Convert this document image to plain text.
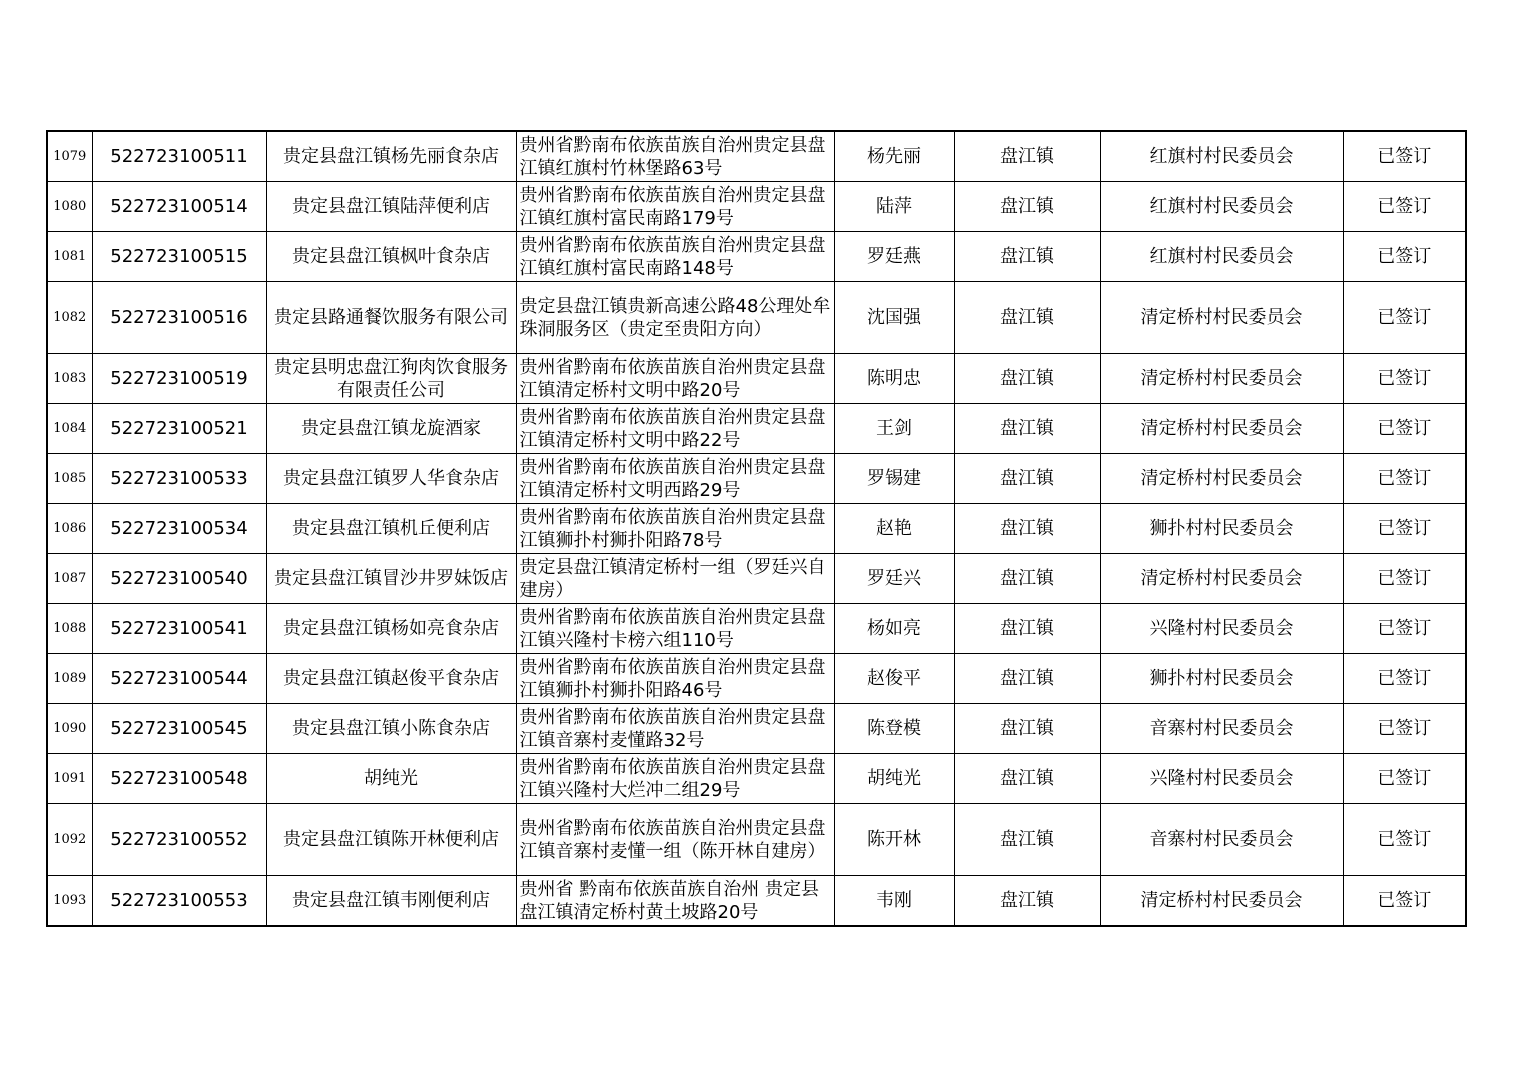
1079	522723100511	贵定县盘江镇杨先丽食杂店	贵州省黔南布依族苗族自治州贵定县盘江镇红旗村竹林堡路63号	杨先丽	盘江镇	红旗村村民委员会	已签订
1080	522723100514	贵定县盘江镇陆萍便利店	贵州省黔南布依族苗族自治州贵定县盘江镇红旗村富民南路179号	陆萍	盘江镇	红旗村村民委员会	已签订
1081	522723100515	贵定县盘江镇枫叶食杂店	贵州省黔南布依族苗族自治州贵定县盘江镇红旗村富民南路148号	罗廷燕	盘江镇	红旗村村民委员会	已签订
1082	522723100516	贵定县路通餐饮服务有限公司	贵定县盘江镇贵新高速公路48公理处牟珠洞服务区（贵定至贵阳方向）	沈国强	盘江镇	清定桥村村民委员会	已签订
1083	522723100519	贵定县明忠盘江狗肉饮食服务有限责任公司	贵州省黔南布依族苗族自治州贵定县盘江镇清定桥村文明中路20号	陈明忠	盘江镇	清定桥村村民委员会	已签订
1084	522723100521	贵定县盘江镇龙旋酒家	贵州省黔南布依族苗族自治州贵定县盘江镇清定桥村文明中路22号	王剑	盘江镇	清定桥村村民委员会	已签订
1085	522723100533	贵定县盘江镇罗人华食杂店	贵州省黔南布依族苗族自治州贵定县盘江镇清定桥村文明西路29号	罗锡建	盘江镇	清定桥村村民委员会	已签订
1086	522723100534	贵定县盘江镇机丘便利店	贵州省黔南布依族苗族自治州贵定县盘江镇狮扑村狮扑阳路78号	赵艳	盘江镇	狮扑村村民委员会	已签订
1087	522723100540	贵定县盘江镇冒沙井罗妹饭店	贵定县盘江镇清定桥村一组（罗廷兴自建房）	罗廷兴	盘江镇	清定桥村村民委员会	已签订
1088	522723100541	贵定县盘江镇杨如亮食杂店	贵州省黔南布依族苗族自治州贵定县盘江镇兴隆村卡榜六组110号	杨如亮	盘江镇	兴隆村村民委员会	已签订
1089	522723100544	贵定县盘江镇赵俊平食杂店	贵州省黔南布依族苗族自治州贵定县盘江镇狮扑村狮扑阳路46号	赵俊平	盘江镇	狮扑村村民委员会	已签订
1090	522723100545	贵定县盘江镇小陈食杂店	贵州省黔南布依族苗族自治州贵定县盘江镇音寨村麦懂路32号	陈登模	盘江镇	音寨村村民委员会	已签订
1091	522723100548	胡纯光	贵州省黔南布依族苗族自治州贵定县盘江镇兴隆村大烂冲二组29号	胡纯光	盘江镇	兴隆村村民委员会	已签订
1092	522723100552	贵定县盘江镇陈开林便利店	贵州省黔南布依族苗族自治州贵定县盘江镇音寨村麦懂一组（陈开林自建房）	陈开林	盘江镇	音寨村村民委员会	已签订
1093	522723100553	贵定县盘江镇韦刚便利店	贵州省 黔南布依族苗族自治州 贵定县盘江镇清定桥村黄土坡路20号	韦刚	盘江镇	清定桥村村民委员会	已签订
